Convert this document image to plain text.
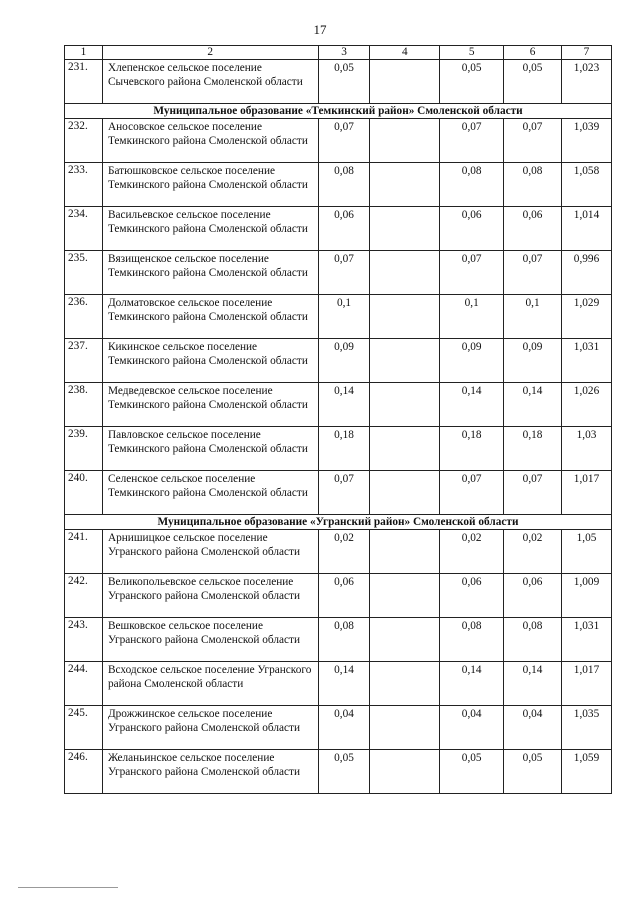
17
1	2	3	4	5	6	7
231.	Хлепенское сельское поселение Сычевского района Смоленской области	0,05		0,05	0,05	1,023
Муниципальное образование «Темкинский район» Смоленской области						
232.	Аносовское сельское поселение Темкинского района Смоленской области	0,07		0,07	0,07	1,039
233.	Батюшковское сельское поселение Темкинского района Смоленской области	0,08		0,08	0,08	1,058
234.	Васильевское сельское поселение Темкинского района Смоленской области	0,06		0,06	0,06	1,014
235.	Вязищенское сельское поселение Темкинского района Смоленской области	0,07		0,07	0,07	0,996
236.	Долматовское сельское поселение Темкинского района Смоленской области	0,1		0,1	0,1	1,029
237.	Кикинское сельское поселение Темкинского района Смоленской области	0,09		0,09	0,09	1,031
238.	Медведевское сельское поселение Темкинского района Смоленской области	0,14		0,14	0,14	1,026
239.	Павловское сельское поселение Темкинского района Смоленской области	0,18		0,18	0,18	1,03
240.	Селенское сельское поселение Темкинского района Смоленской области	0,07		0,07	0,07	1,017
Муниципальное образование «Угранский район» Смоленской области						
241.	Арнишицкое сельское поселение Угранского района Смоленской области	0,02		0,02	0,02	1,05
242.	Великопольевское сельское поселение Угранского района Смоленской области	0,06		0,06	0,06	1,009
243.	Вешковское сельское поселение Угранского района Смоленской области	0,08		0,08	0,08	1,031
244.	Всходское сельское поселение Угранского района Смоленской области	0,14		0,14	0,14	1,017
245.	Дрожжинское сельское поселение Угранского района Смоленской области	0,04		0,04	0,04	1,035
246.	Желаньинское сельское поселение Угранского района Смоленской области	0,05		0,05	0,05	1,059
